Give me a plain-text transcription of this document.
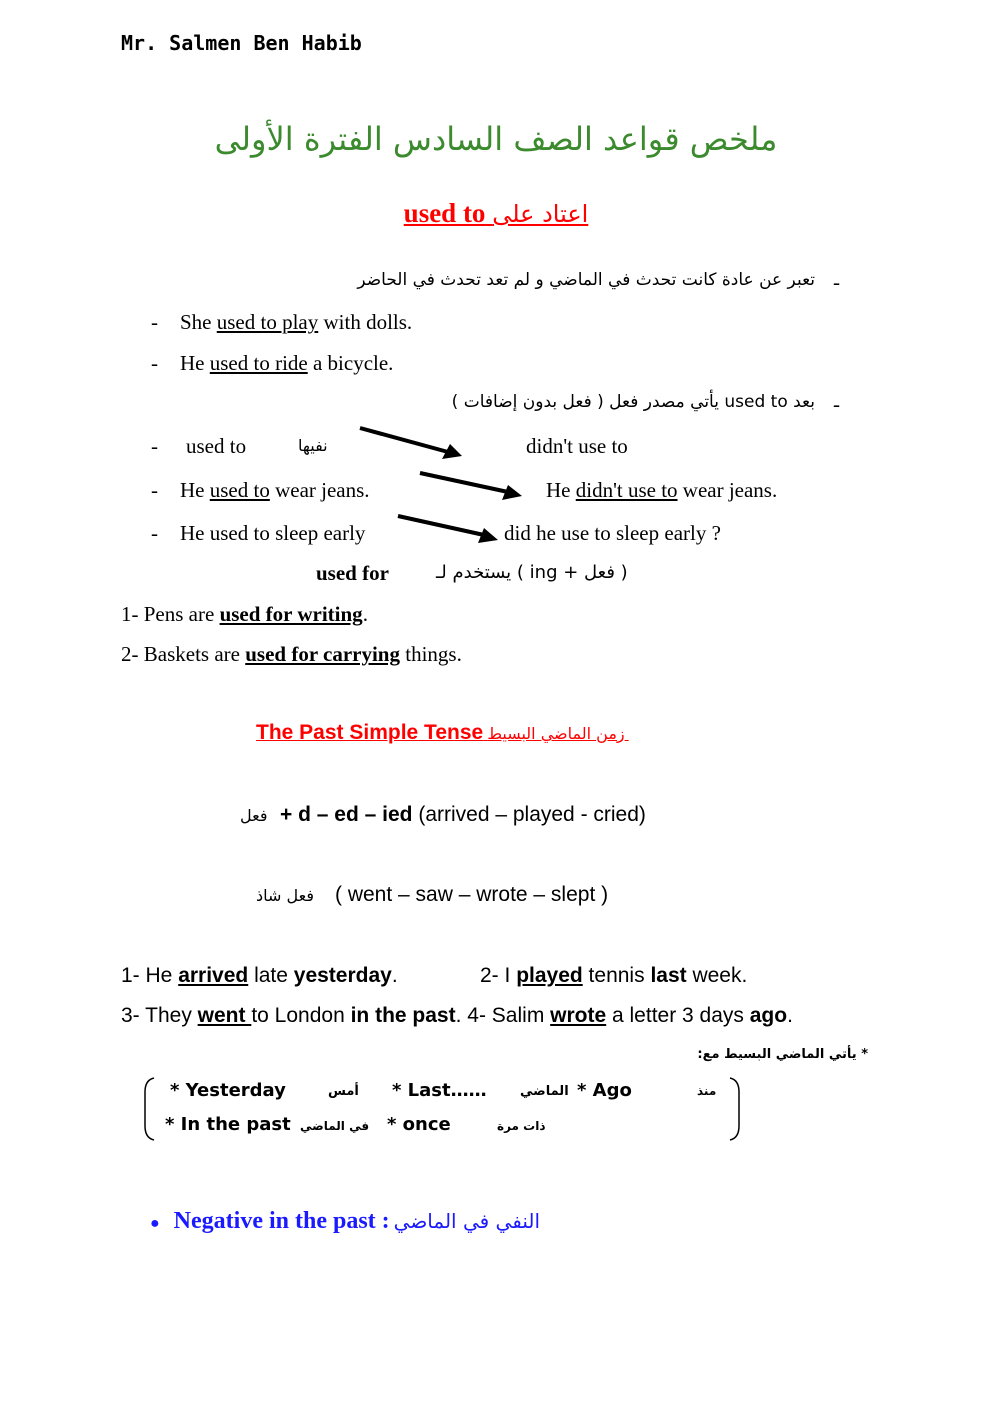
Mr. Salmen Ben Habib
ملخص قواعد الصف السادس الفترة الأولى
used to اعتاد على
تعبر عن عادة كانت تحدث في الماضي و لم تعد تحدث في الحاضر -
- She used to play with dolls.
- He used to ride a bicycle.
بعد used to يأتي مصدر فعل ( فعل بدون إضافات ) -
- used to	نفيها	didn't use to
- He used to wear jeans.	He didn't use to wear jeans.
- He used to sleep early	did he use to sleep early ?
used for	( فعل + ing ) يستخدم لـ
1- Pens are used for writing.
2- Baskets are used for carrying things.
The Past Simple Tense زمن الماضي البسيط
فعل + d – ed – ied (arrived – played - cried)
فعل شاذ ( went – saw – wrote – slept )
1- He arrived late yesterday.	2- I played tennis last week.
3- They went to London in the past. 4- Salim wrote a letter 3 days ago.
* يأتي الماضي البسيط مع:
* Yesterday	أمس * Last……	الماضي * Ago	منذ
* In the past في الماضي * once	ذات مرة
● Negative in the past : النفي في الماضي
